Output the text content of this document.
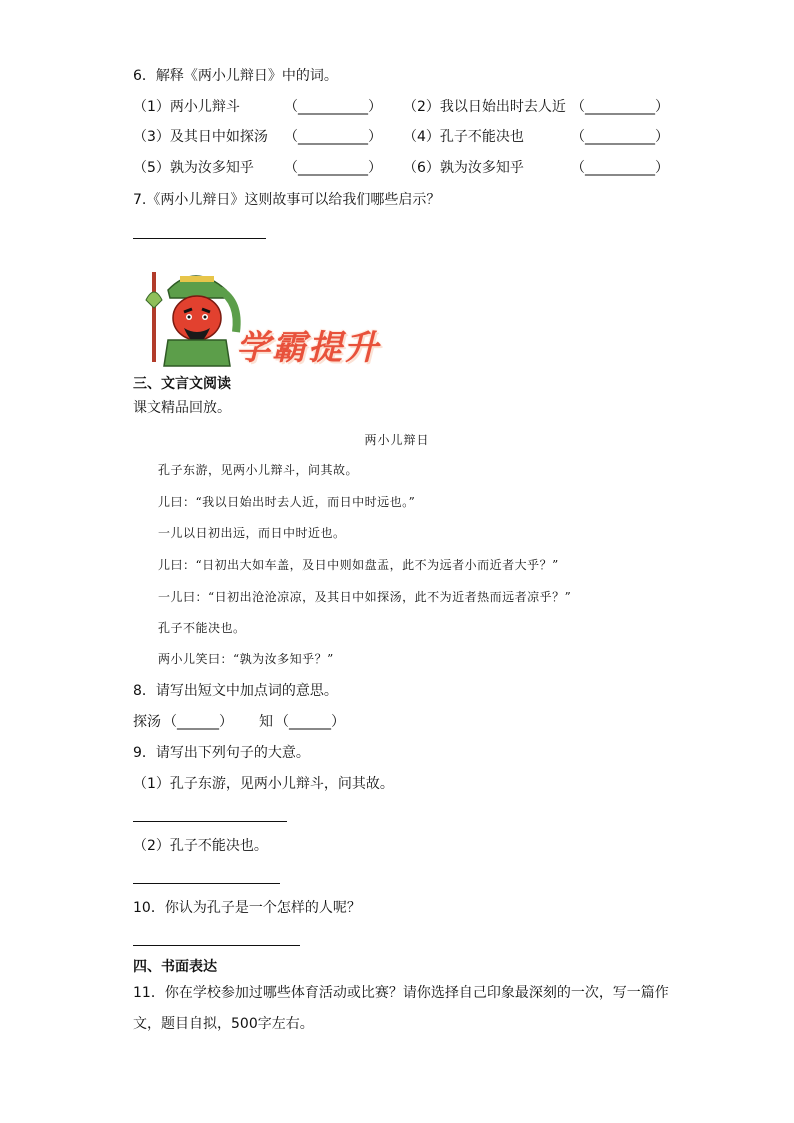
6．解释《两小儿辩日》中的词。
（1）两小儿辩斗	（__________） （2）我以日始出时去人近 （__________）
（3）及其日中如探汤 （__________） （4）孔子不能决也	（__________）
（5）孰为汝多知乎 （__________） （6）孰为汝多知乎	（__________）
7.《两小儿辩日》这则故事可以给我们哪些启示？
学霸提升
三、文言文阅读
课文精品回放。
两小儿辩日
孔子东游，见两小儿辩斗，问其故。
儿曰：“我以日始出时去人近，而日中时远也。”
一儿以日初出远，而日中时近也。
儿曰：“日初出大如车盖，及日中则如盘盂，此不为远者小而近者大乎？”
一儿曰：“日初出沧沧凉凉，及其日中如探汤，此不为近者热而远者凉乎？”
孔子不能决也。
两小儿笑曰：“孰为汝多知乎？”
8．请写出短文中加点词的意思。
探汤 （______） 知 （______）
9．请写出下列句子的大意。
（1）孔子东游，见两小儿辩斗，问其故。
（2）孔子不能决也。
10．你认为孔子是一个怎样的人呢？
四、书面表达
11．你在学校参加过哪些体育活动或比赛？请你选择自己印象最深刻的一次，写一篇作
文，题目自拟，500字左右。
